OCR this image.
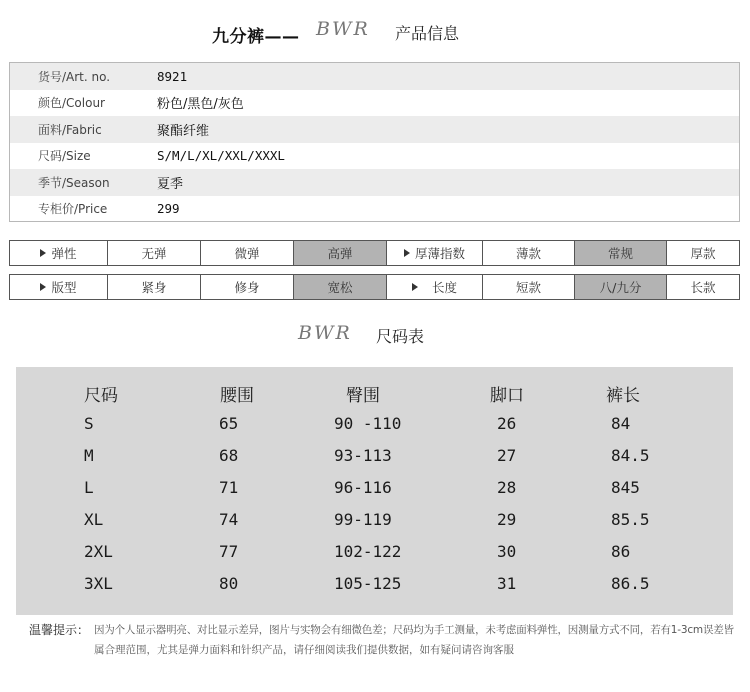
九分裤—— BWR 产品信息
货号/Art. no.	8921
颜色/Colour	粉色/黑色/灰色
面料/Fabric	聚酯纤维
尺码/Size	S/M/L/XL/XXL/XXXL
季节/Season	夏季
专柜价/Price	299
弹性	无弹	微弹	高弹	厚薄指数	薄款	常规	厚款
版型	紧身	修身	宽松	长度	短款	八/九分	长款
BWR 尺码表
尺码	腰围	臀围	脚口	裤长
S	65	90 -110	26	84
M	68	93-113	27	84.5
L	71	96-116	28	845
XL	74	99-119	29	85.5
2XL	77	102-122	30	86
3XL	80	105-125	31	86.5
温馨提示： 因为个人显示器明亮、对比显示差异，图片与实物会有细微色差；尺码均为手工测量，未考虑面料弹性，因测量方式不同，若有1-3cm误差皆
属合理范围，尤其是弹力面料和针织产品，请仔细阅读我们提供数据，如有疑问请咨询客服
